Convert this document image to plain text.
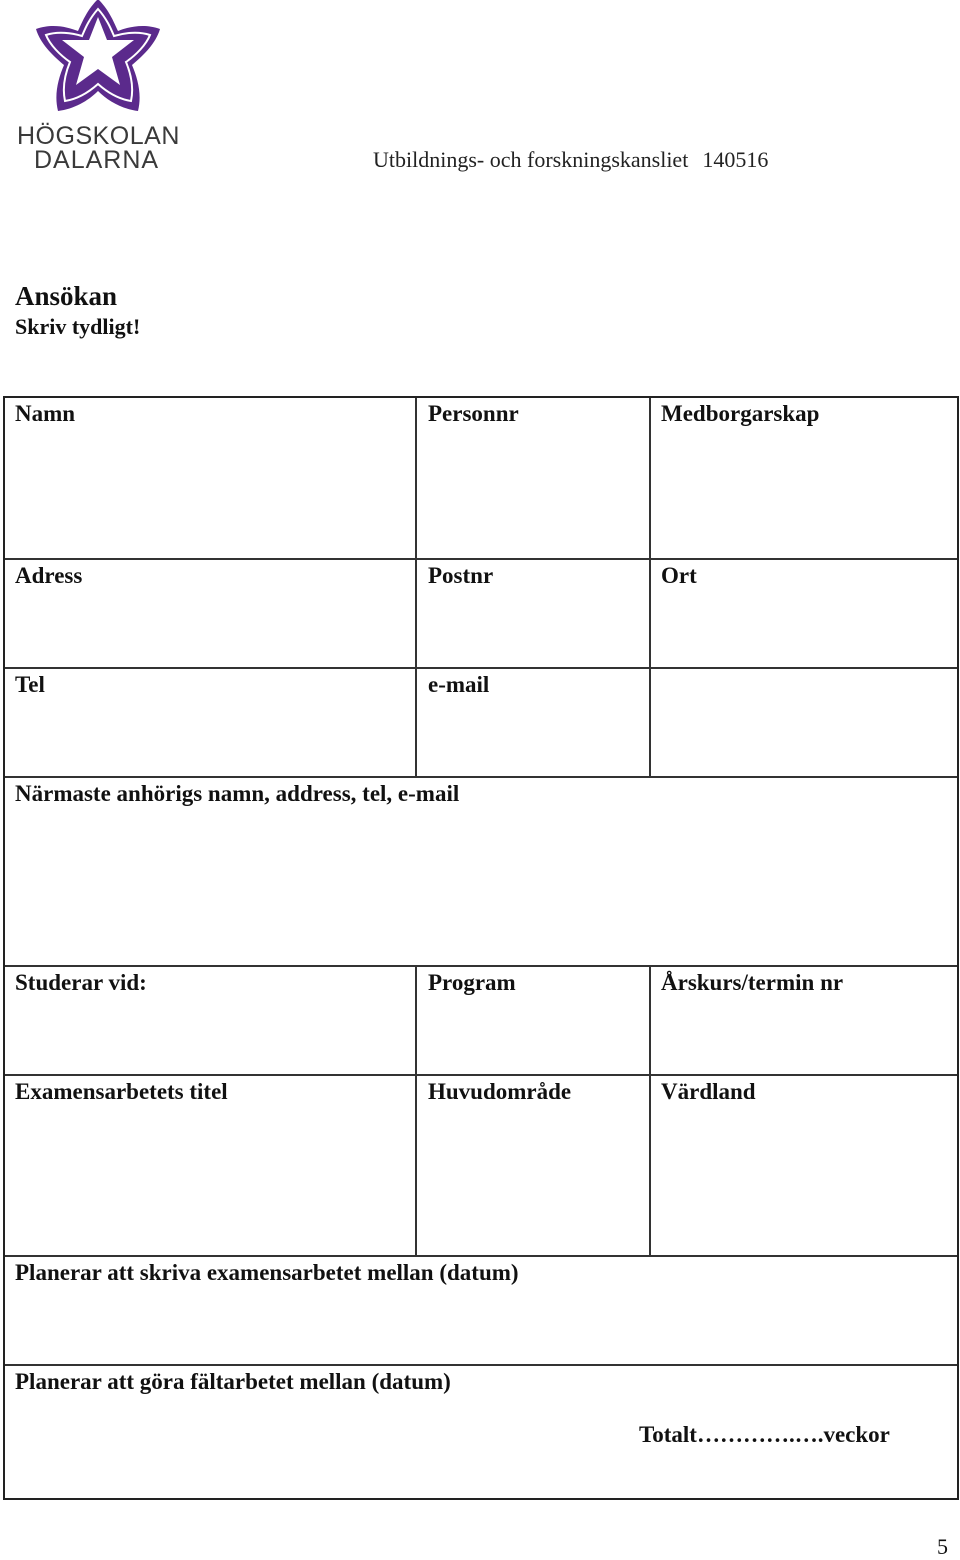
HÖGSKOLAN
DALARNA	Utbildnings- och forskningskansliet 140516
Ansökan
Skriv tydligt!
Namn	Personnr	Medborgarskap
Adress	Postnr	Ort
Tel	e-mail
Närmaste anhörigs namn, address, tel, e-mail
Studerar vid:	Program	Årskurs/termin nr
Examensarbetets titel	Huvudområde	Värdland
Planerar att skriva examensarbetet mellan (datum)
Planerar att göra fältarbetet mellan (datum)
Totalt………….….veckor
5
